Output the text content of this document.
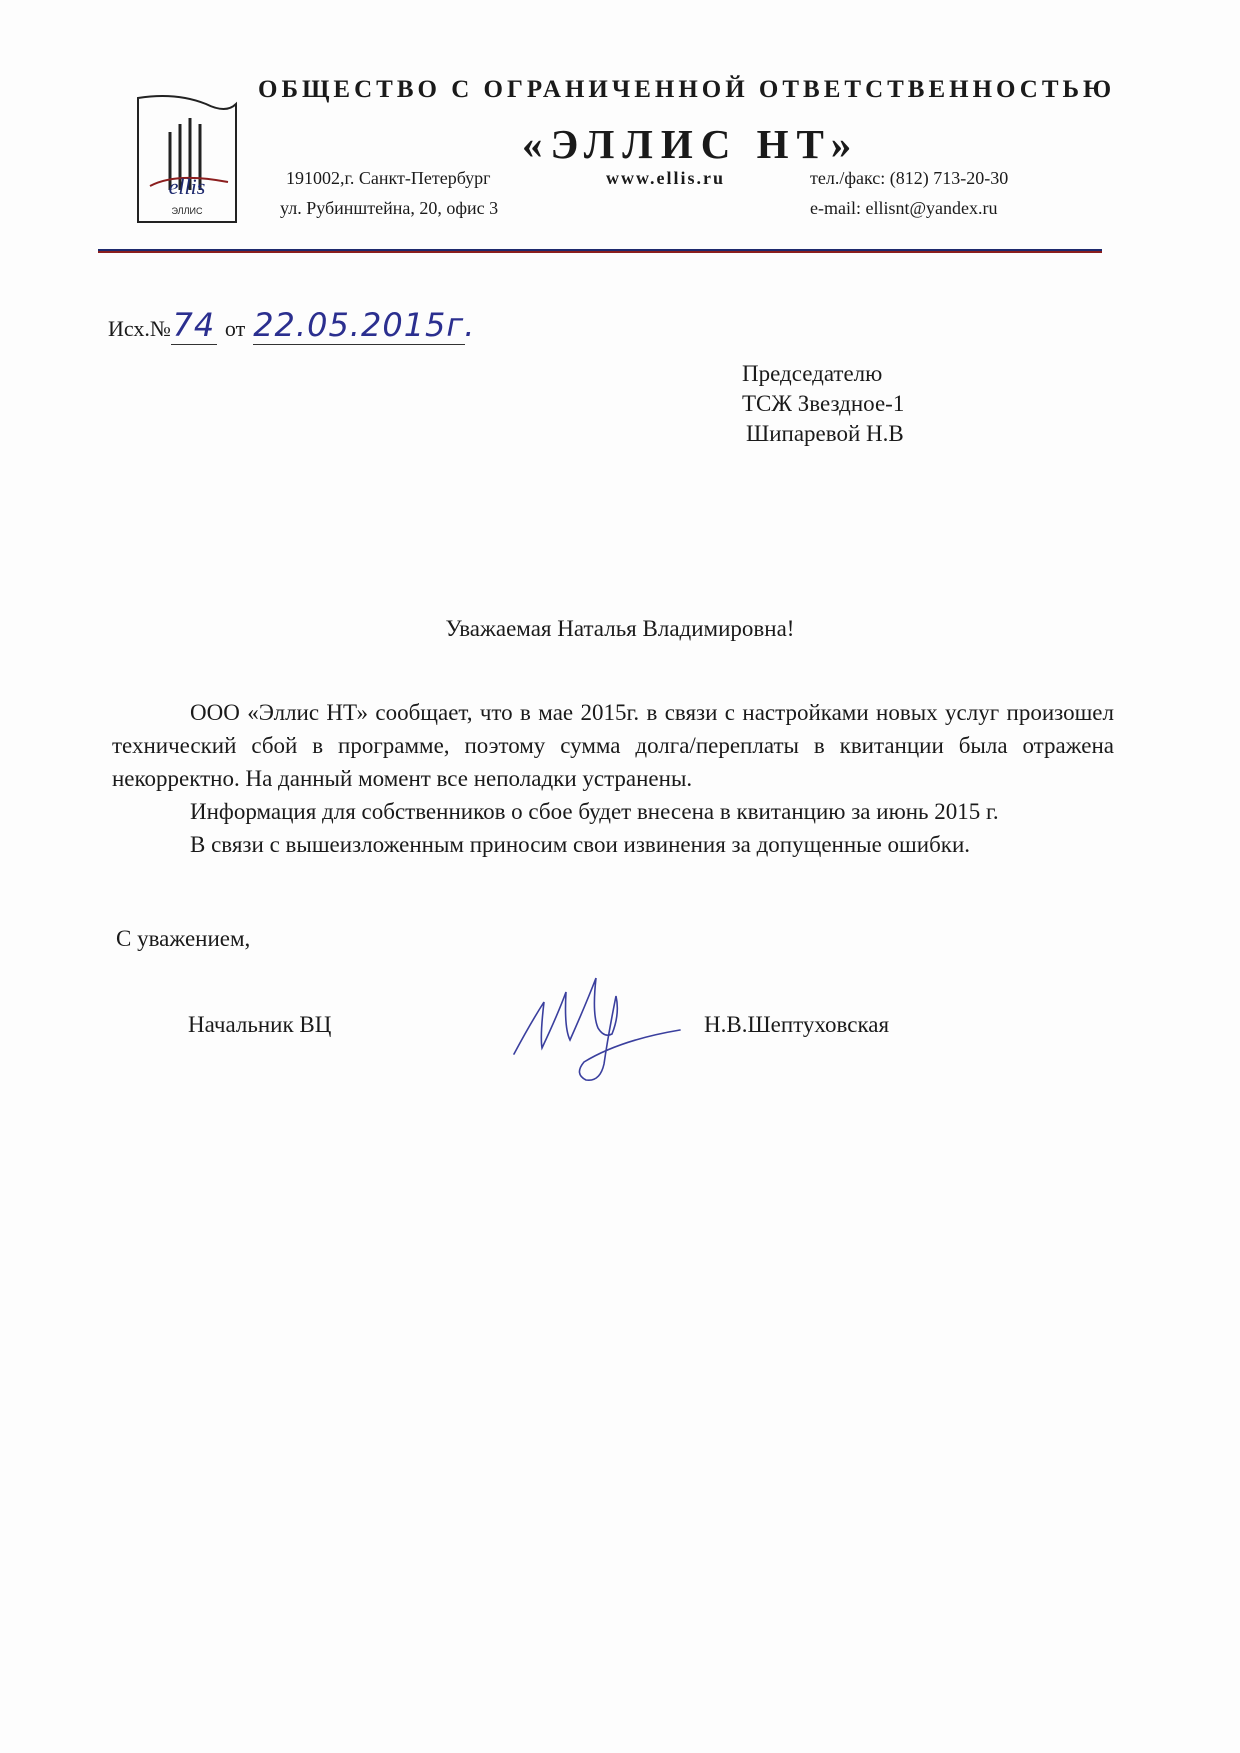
ellis
ЭЛЛИС
ОБЩЕСТВО С ОГРАНИЧЕННОЙ ОТВЕТСТВЕННОСТЬЮ
«ЭЛЛИС НТ»
191002,г. Санкт-Петербург
ул. Рубинштейна, 20, офис 3
www.ellis.ru	тел./факс: (812) 713-20-30
e-mail: ellisnt@yandex.ru
Исх.№74 от 22.05.2015г.
Председателю
ТСЖ Звездное-1
Шипаревой Н.В
Уважаемая Наталья Владимировна!

ООО «Эллис НТ» сообщает, что в мае 2015г. в связи с настройками новых услуг произошел технический сбой в программе, поэтому сумма долга/переплаты в квитанции была отражена некорректно. На данный момент все неполадки устранены.

Информация для собственников о сбое будет внесена в квитанцию за июнь 2015 г.

В связи с вышеизложенным приносим свои извинения за допущенные ошибки.

С уважением,
Начальник ВЦ	Н.В.Шептуховская
